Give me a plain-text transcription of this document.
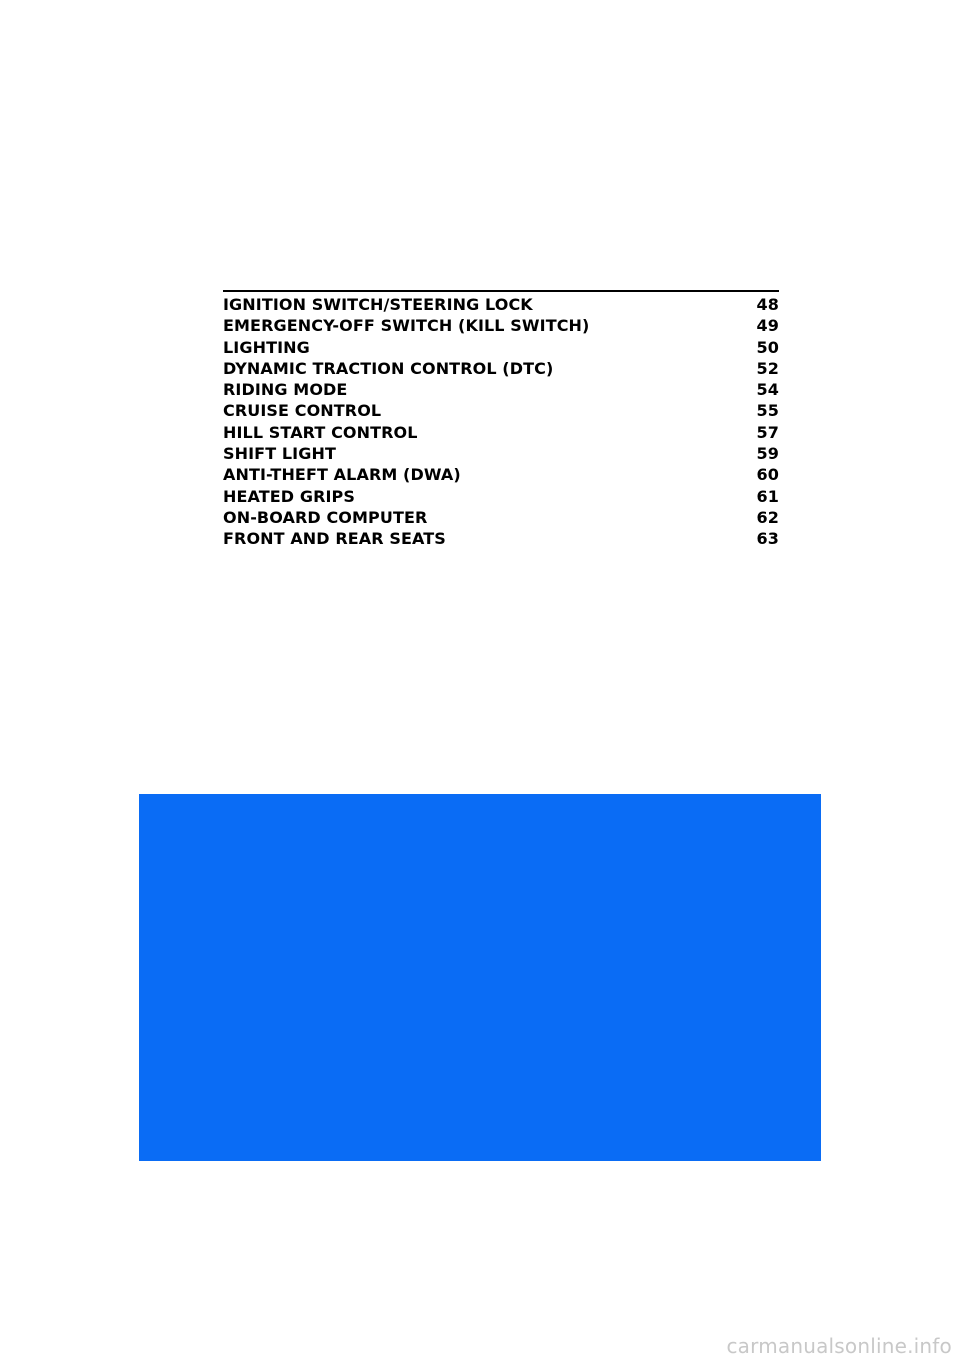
IGNITION SWITCH/STEERING LOCK	48
EMERGENCY-OFF SWITCH (KILL SWITCH)	49
LIGHTING	50
DYNAMIC TRACTION CONTROL (DTC)	52
RIDING MODE	54
CRUISE CONTROL	55
HILL START CONTROL	57
SHIFT LIGHT	59
ANTI-THEFT ALARM (DWA)	60
HEATED GRIPS	61
ON-BOARD COMPUTER	62
FRONT AND REAR SEATS	63
carmanualsonline.info
